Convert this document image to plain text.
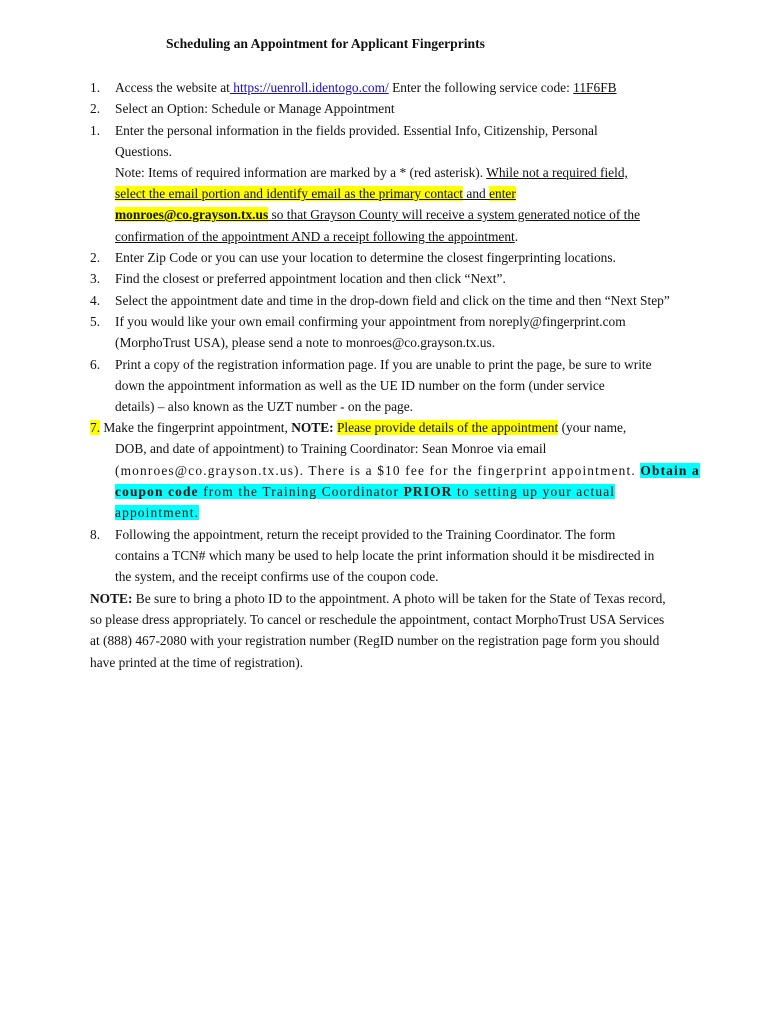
Scheduling an Appointment for Applicant Fingerprints
1. Access the website at https://uenroll.identogo.com/ Enter the following service code: 11F6FB
2. Select an Option: Schedule or Manage Appointment
1. Enter the personal information in the fields provided. Essential Info, Citizenship, Personal
Questions.
Note: Items of required information are marked by a * (red asterisk). While not a required field,
select the email portion and identify email as the primary contact and enter
monroes@co.grayson.tx.us so that Grayson County will receive a system generated notice of the
confirmation of the appointment AND a receipt following the appointment.
2. Enter Zip Code or you can use your location to determine the closest fingerprinting locations.
3. Find the closest or preferred appointment location and then click “Next”.
4. Select the appointment date and time in the drop-down field and click on the time and then “Next Step”
5. If you would like your own email confirming your appointment from noreply@fingerprint.com
(MorphoTrust USA), please send a note to monroes@co.grayson.tx.us.
6. Print a copy of the registration information page. If you are unable to print the page, be sure to write
down the appointment information as well as the UE ID number on the form (under service
details) – also known as the UZT number - on the page.
7. Make the fingerprint appointment, NOTE: Please provide details of the appointment (your name,
DOB, and date of appointment) to Training Coordinator: Sean Monroe via email
(monroes@co.grayson.tx.us). There is a $10 fee for the fingerprint appointment. Obtain a
coupon code from the Training Coordinator PRIOR to setting up your actual
appointment.
8. Following the appointment, return the receipt provided to the Training Coordinator. The form
contains a TCN# which many be used to help locate the print information should it be misdirected in
the system, and the receipt confirms use of the coupon code.
NOTE: Be sure to bring a photo ID to the appointment. A photo will be taken for the State of Texas record,
so please dress appropriately. To cancel or reschedule the appointment, contact MorphoTrust USA Services
at (888) 467-2080 with your registration number (RegID number on the registration page form you should
have printed at the time of registration).
